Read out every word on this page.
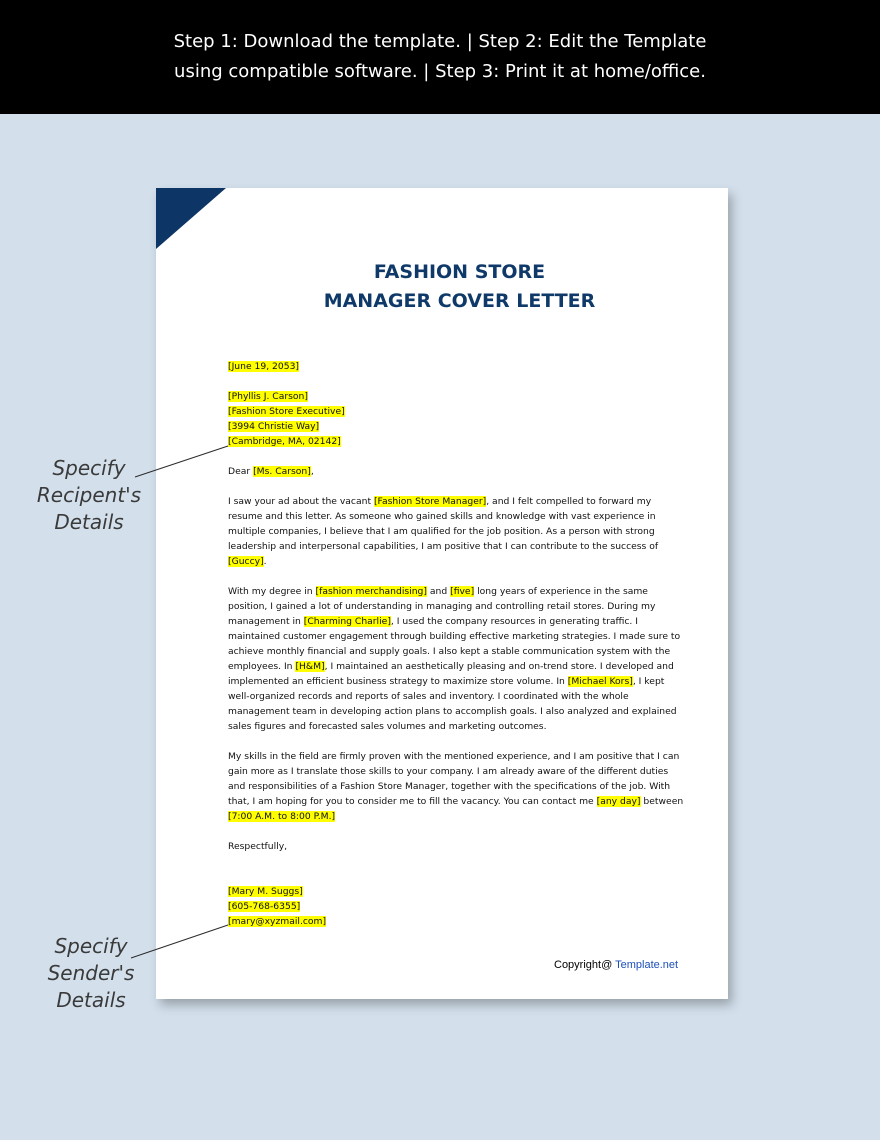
Step 1: Download the template. | Step 2: Edit the Template
using compatible software. | Step 3: Print it at home/office.
FASHION STORE
MANAGER COVER LETTER

[June 19, 2053]

[Phyllis J. Carson]
[Fashion Store Executive]
[3994 Christie Way]
[Cambridge, MA, 02142]

Dear [Ms. Carson],

I saw your ad about the vacant [Fashion Store Manager], and I felt compelled to forward my resume and this letter. As someone who gained skills and knowledge with vast experience in multiple companies, I believe that I am qualified for the job position. As a person with strong leadership and interpersonal capabilities, I am positive that I can contribute to the success of [Guccy].

With my degree in [fashion merchandising] and [five] long years of experience in the same position, I gained a lot of understanding in managing and controlling retail stores. During my management in [Charming Charlie], I used the company resources in generating traffic. I maintained customer engagement through building effective marketing strategies. I made sure to achieve monthly financial and supply goals. I also kept a stable communication system with the employees. In [H&M], I maintained an aesthetically pleasing and on-trend store. I developed and implemented an efficient business strategy to maximize store volume. In [Michael Kors], I kept well-organized records and reports of sales and inventory. I coordinated with the whole management team in developing action plans to accomplish goals. I also analyzed and explained sales figures and forecasted sales volumes and marketing outcomes.

My skills in the field are firmly proven with the mentioned experience, and I am positive that I can gain more as I translate those skills to your company. I am already aware of the different duties and responsibilities of a Fashion Store Manager, together with the specifications of the job. With that, I am hoping for you to consider me to fill the vacancy. You can contact me [any day] between [7:00 A.M. to 8:00 P.M.]

Respectfully,

[Mary M. Suggs]
[605-768-6355]
[mary@xyzmail.com]

Copyright@ Template.net
Specify
Recipent's
Details
Specify
Sender's
Details
